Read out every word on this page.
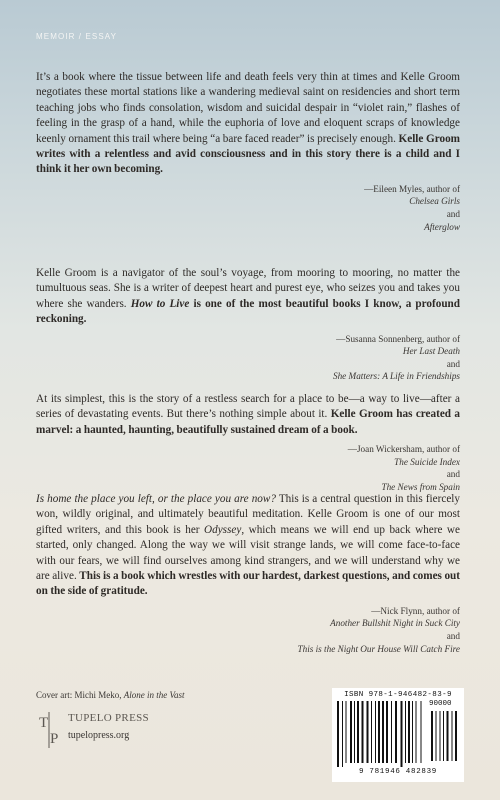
MEMOIR / ESSAY

It’s a book where the tissue between life and death feels very thin at times and Kelle Groom negotiates these mortal stations like a wandering medieval saint on residencies and short term teaching jobs who finds consolation, wisdom and suicidal despair in “violet rain,” flashes of feeling in the grasp of a hand, while the euphoria of love and eloquent scraps of knowledge keenly ornament this trail where being “a bare faced reader” is precisely enough. Kelle Groom writes with a relentless and avid consciousness and in this story there is a child and I think it her own becoming.

—Eileen Myles, author of
Chelsea Girls
and
Afterglow

Kelle Groom is a navigator of the soul’s voyage, from mooring to mooring, no matter the tumultuous seas. She is a writer of deepest heart and purest eye, who seizes you and takes you where she wanders. How to Live is one of the most beautiful books I know, a profound reckoning.

—Susanna Sonnenberg, author of
Her Last Death
and
She Matters: A Life in Friendships

At its simplest, this is the story of a restless search for a place to be—a way to live—after a series of devastating events. But there’s nothing simple about it. Kelle Groom has created a marvel: a haunted, haunting, beautifully sustained dream of a book.

—Joan Wickersham, author of
The Suicide Index
and
The News from Spain

Is home the place you left, or the place you are now? This is a central question in this fiercely won, wildly original, and ultimately beautiful meditation. Kelle Groom is one of our most gifted writers, and this book is her Odyssey, which means we will end up back where we started, only changed. Along the way we will visit strange lands, we will come face-to-face with our fears, we will find ourselves among kind strangers, and we will understand why we are alive. This is a book which wrestles with our hardest, darkest questions, and comes out on the side of gratitude.

—Nick Flynn, author of
Another Bullshit Night in Suck City
and
This is the Night Our House Will Catch Fire
Cover art: Michi Meko, Alone in the Vast
T
P
TUPELO PRESS
tupelopress.org
ISBN 978-1-946482-83-9
90000
9 781946 482839
